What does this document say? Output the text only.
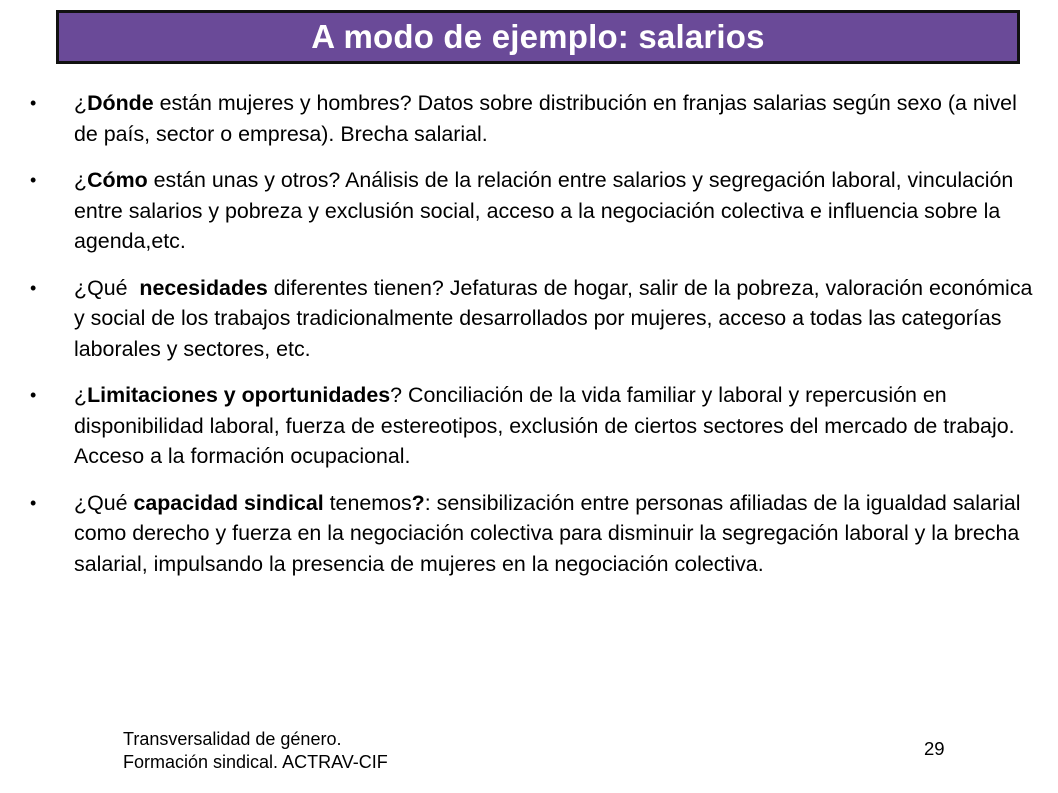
A modo de ejemplo: salarios
• ¿Dónde están mujeres y hombres? Datos sobre distribución en franjas salarias según sexo (a nivel de país, sector o empresa). Brecha salarial.
• ¿Cómo están unas y otros? Análisis de la relación entre salarios y segregación laboral, vinculación entre salarios y pobreza y exclusión social, acceso a la negociación colectiva e influencia sobre la agenda,etc.
• ¿Qué  necesidades diferentes tienen? Jefaturas de hogar, salir de la pobreza, valoración económica y social de los trabajos tradicionalmente desarrollados por mujeres, acceso a todas las categorías laborales y sectores, etc.
• ¿Limitaciones y oportunidades? Conciliación de la vida familiar y laboral y repercusión en disponibilidad laboral, fuerza de estereotipos, exclusión de ciertos sectores del mercado de trabajo. Acceso a la formación ocupacional.
• ¿Qué capacidad sindical tenemos?: sensibilización entre personas afiliadas de la igualdad salarial como derecho y fuerza en la negociación colectiva para disminuir la segregación laboral y la brecha salarial, impulsando la presencia de mujeres en la negociación colectiva.
Transversalidad de género.
Formación sindical. ACTRAV-CIF
29
